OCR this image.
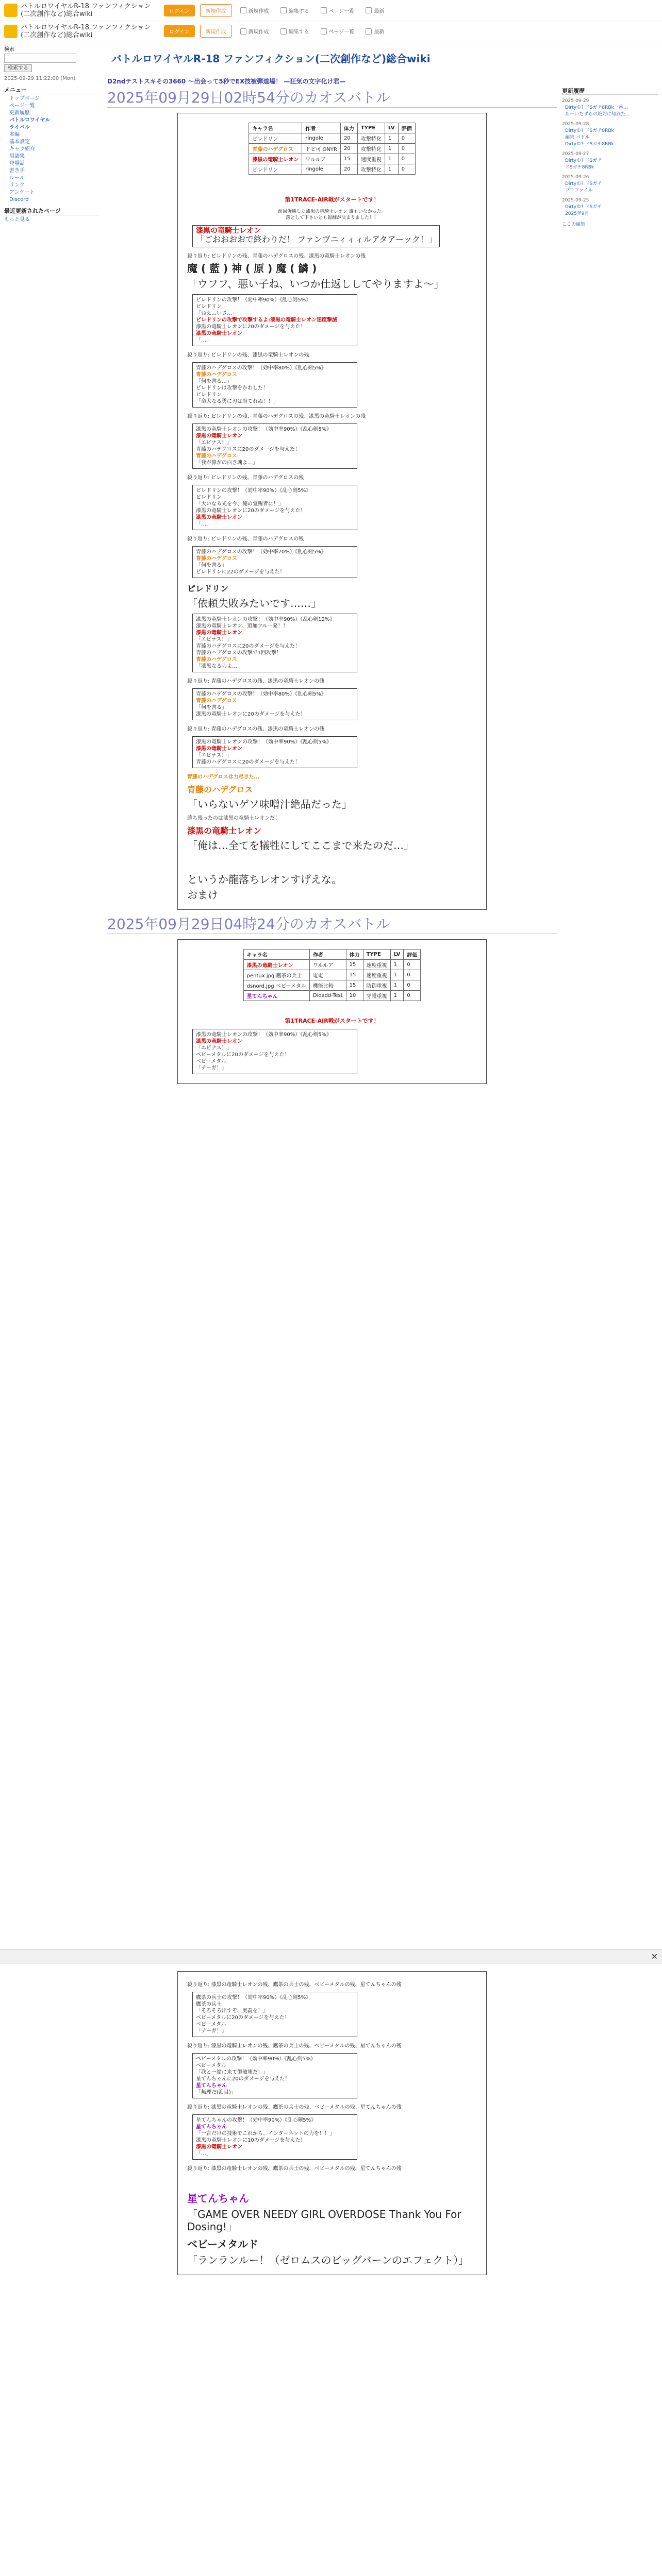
バトルロワイヤルR-18 ファンフィクション(二次創作など)総合wiki	ログイン	新規作成	新規作成	編集する	ページ一覧	最新
バトルロワイヤルR-18 ファンフィクション(二次創作など)総合wiki	ログイン	新規作成	新規作成	編集する	ページ一覧	最新
検索
検索する
2025-09-29 11:22:00 (Mon)
メニュー
トップページ
ページ一覧
更新履歴
バトルロワイヤル
ライバル
本編
基本設定
キャラ紹介
用語集
登場話
書き手
ルール
リンク
アンケート
Discord
最近更新されたページ
もっと見る
更新履歴
2025-09-29
Dirty©? ドSガチ8RBk一番…
あーいたずらの絶対に知れた…
2025-09-28
Dirty©? ドSガチ8RBk
編集 バトル
Dirty©? ドSガチ8RBk
2025-09-27
Dirty©? ドSガチ
ドSガチ8RBk
2025-09-26
Dirty©? ドSガチ
プロファイル
2025-09-25
Dirty©? ドSガチ
2025年9月
ここの編集
バトルロワイヤルR-18 ファンフィクション(二次創作など)総合wiki
D2ndテストスキその3660 〜出会って5秒でEX技被弾道場！ —狂気の文字化け君—
2025年09月29日02時54分のカオスバトル
キャラ名	作者	体力	TYPE	LV	評価
ピレドリン	ringole	20	攻撃特化	1	0
青藤のハデグロス	ドピ可 ONYR	20	攻撃特化	1	0
漆黒の竜騎士レオン	ワルルア	15	速度重視	1	0
ピレドリン	ringole	20	攻撃特化	1	0
第1TRACE-AIR戦がスタートです！
前回優勝した漆黒の竜騎士レオン 誰もいなかった。
落として下さいとも報酬が決まりました！！
漆黒の竜騎士レオン
「ごおおおおで終わりだ！ ファンヴニィィィルアタアーック！」
殺り返り: ピレドリンの残、青藤のハデグロスの残、漆黒の竜騎士レオンの残
魔 ( 藍 ) 神 ( 原 ) 魔 ( 鱗 )
「ウフフ、悪い子ね、いつか仕返ししてやりますよ〜」
ピレドリンの攻撃！（効中率90%）《乱心剣5%》
ピレドリン
「ねえ…いさ…」
ピレドリンの攻撃で攻撃するよ:漆黒の竜騎士レオン速度撃滅
漆黒の竜騎士レオンに20のダメージを与えた！
漆黒の竜騎士レオン
「…」
殺り返り: ピレドリンの残、漆黒の竜騎士レオンの残
青藤のハデグロスの攻撃！（効中率80%）《乱心剣5%》
青藤のハデグロス
「何を書る…」
ピレドリンは攻撃をかわした！
ピレドリン
「命大なる勇に刃は当てれぬ！！」
殺り返り: ピレドリンの残、青藤のハデグロスの残、漆黒の竜騎士レオンの残
漆黒の竜騎士レオンの攻撃！（効中率90%）《乱心剣5%》
漆黒の竜騎士レオン
「エビナス！」
青藤のハデグロスに20のダメージを与えた！
青藤のハデグロス
「我が鼻がの白き魂よ…」
殺り返り: ピレドリンの残、青藤のハデグロスの残
ピレドリンの攻撃！（効中率90%）《乱心剣5%》
ピレドリン
「大いなる光を今、俺の覚醒者に！」
漆黒の竜騎士レオンに20のダメージを与えた！
漆黒の竜騎士レオン
「…」
殺り返り: ピレドリンの残、青藤のハデグロスの残
青藤のハデグロスの攻撃！（効中率70%）《乱心剣5%》
青藤のハデグロス
「何を書る」
ピレドリンに22のダメージを与えた！
ピレドリン
「依頼失敗みたいです……」
漆黒の竜騎士レオンの攻撃！（効中率90%）《乱心剣12%》
漆黒の竜騎士レオン、追加フル一発！！
漆黒の竜騎士レオン
「エビナス！」
青藤のハデグロスに20のダメージを与えた！
青藤のハデグロスの攻撃で1回攻撃！
青藤のハデグロス
「漆黒なる刃よ…」
殺り返り: 青藤のハデグロスの残、漆黒の竜騎士レオンの残
青藤のハデグロスの攻撃！（効中率80%）《乱心剣5%》
青藤のハデグロス
「何を書る」
漆黒の竜騎士レオンに20のダメージを与えた！
殺り返り: 青藤のハデグロスの残、漆黒の竜騎士レオンの残
漆黒の竜騎士レオンの攻撃！（効中率90%）《乱心剣5%》
漆黒の竜騎士レオン
「エビナス！」
青藤のハデグロスに20のダメージを与えた！
青藤のハデグロスは力尽きた…
青藤のハデグロス
「いらないゲソ味噌汁絶品だった」
勝ち残ったのは漆黒の竜騎士レオンだ！
漆黒の竜騎士レオン
「俺は…全てを犠牲にしてここまで来たのだ…」
というか龍落ちレオンすげえな。
おまけ
2025年09月29日04時24分のカオスバトル
キャラ名	作者	体力	TYPE	LV	評価
漆黒の竜騎士レオン	ワルルア	15	速度重視	1	0
pentux.jpg 鷹茶の兵士	電電	15	速度重視	1	0
dsnord.jpg ベビーメタル	機能比較	15	防御重視	1	0
星てんちゃん	Dioadd-Test	10	守護重視	1	0
第1TRACE-AIR戦がスタートです！
漆黒の竜騎士レオンの攻撃！（効中率90%）《乱心剣5%》
漆黒の竜騎士レオン
「エビナス！」
ベビーメタルに20のダメージを与えた！
ベビーメタル
「テーガ！」
✕
殺り返り: 漆黒の竜騎士レオンの残、鷹茶の兵士の残、ベビーメタルの残、星てんちゃんの残
鷹茶の兵士の攻撃！（効中率90%）《乱心剣5%》
鷹茶の兵士
「そろそろ出すぞ、奥義を！」
ベビーメタルに20のダメージを与えた！
ベビーメタル
「テーガ！」
殺り返り: 漆黒の竜騎士レオンの残、鷹茶の兵士の残、ベビーメタルの残、星てんちゃんの残
ベビーメタルの攻撃！（効中率90%）《乱心剣5%》
ベビーメタル
「我と一緒に来て御破壊だ！」
星てんちゃんに20のダメージを与えた！
星てんちゃん
「無理だ(涙目)」
殺り返り: 漆黒の竜騎士レオンの残、鷹茶の兵士の残、ベビーメタルの残、星てんちゃんの残
星てんちゃんの攻撃！（効中率90%）《乱心剣5%》
星てんちゃん
「一言だけの技術でこれから、インターネットの力を！！」
漆黒の竜騎士レオンに10のダメージを与えた！
漆黒の竜騎士レオン
「…」
殺り返り: 漆黒の竜騎士レオンの残、鷹茶の兵士の残、ベビーメタルの残、星てんちゃんの残
星てんちゃん
「GAME OVER NEEDY GIRL OVERDOSE Thank You For Dosing!」
ベビーメタルド
「ランランルー！（ゼロムスのビッグバーンのエフェクト）」
